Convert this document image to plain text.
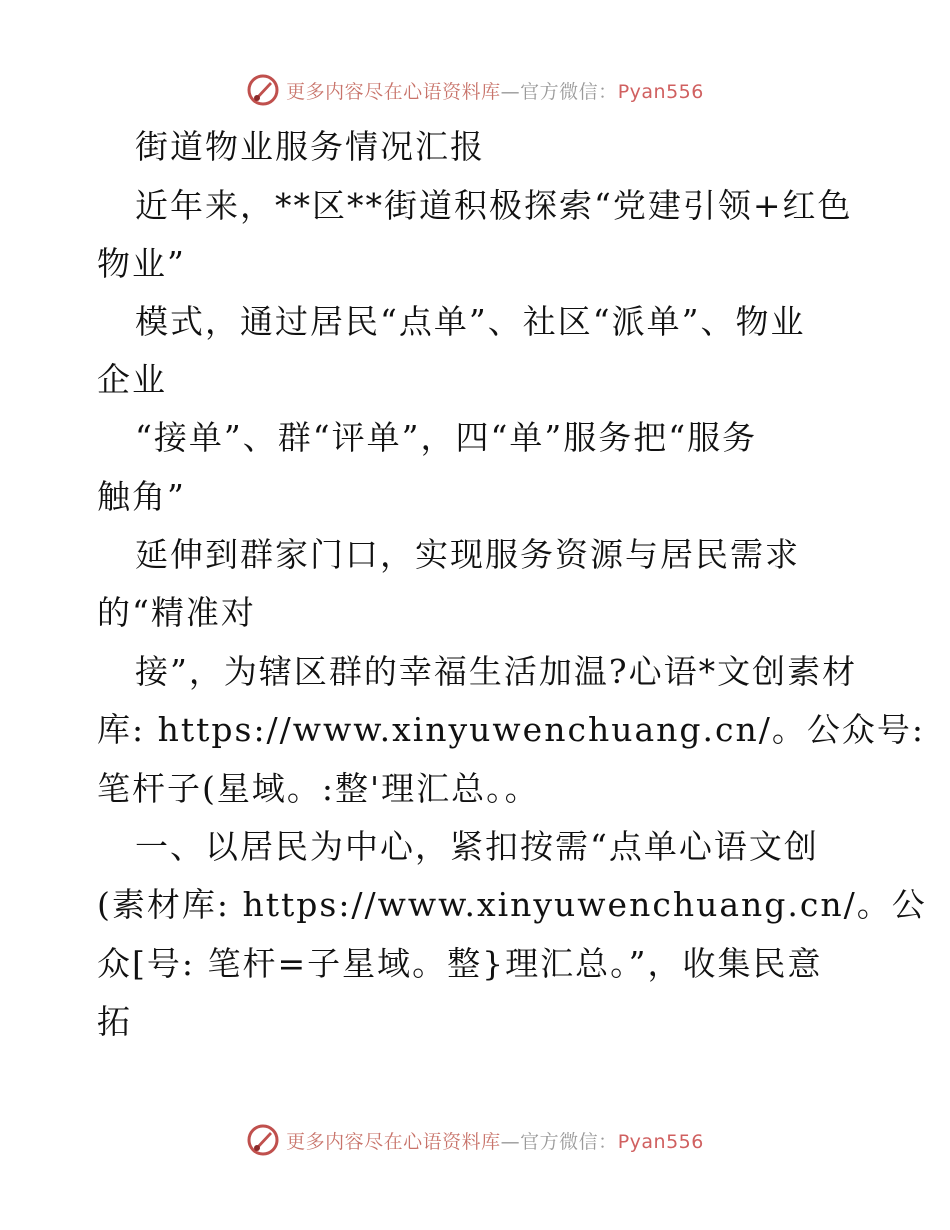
更多内容尽在心语资料库—官方微信：Pyan556
街道物业服务情况汇报
近年来，**区**街道积极探索“党建引领+红色
物业”
模式，通过居民“点单”、社区“派单”、物业
企业
“接单”、群“评单”，四“单”服务把“服务
触角”
延伸到群家门口，实现服务资源与居民需求
的“精准对
接”，为辖区群的幸福生活加温?心语*文创素材
库: https://www.xinyuwenchuang.cn/。公众号:
笔杆子(星域。:整'理汇总。。
一、以居民为中心，紧扣按需“点单心语文创
(素材库: https://www.xinyuwenchuang.cn/。公
众[号: 笔杆=子星域。整}理汇总。”，收集民意
拓
更多内容尽在心语资料库—官方微信：Pyan556
